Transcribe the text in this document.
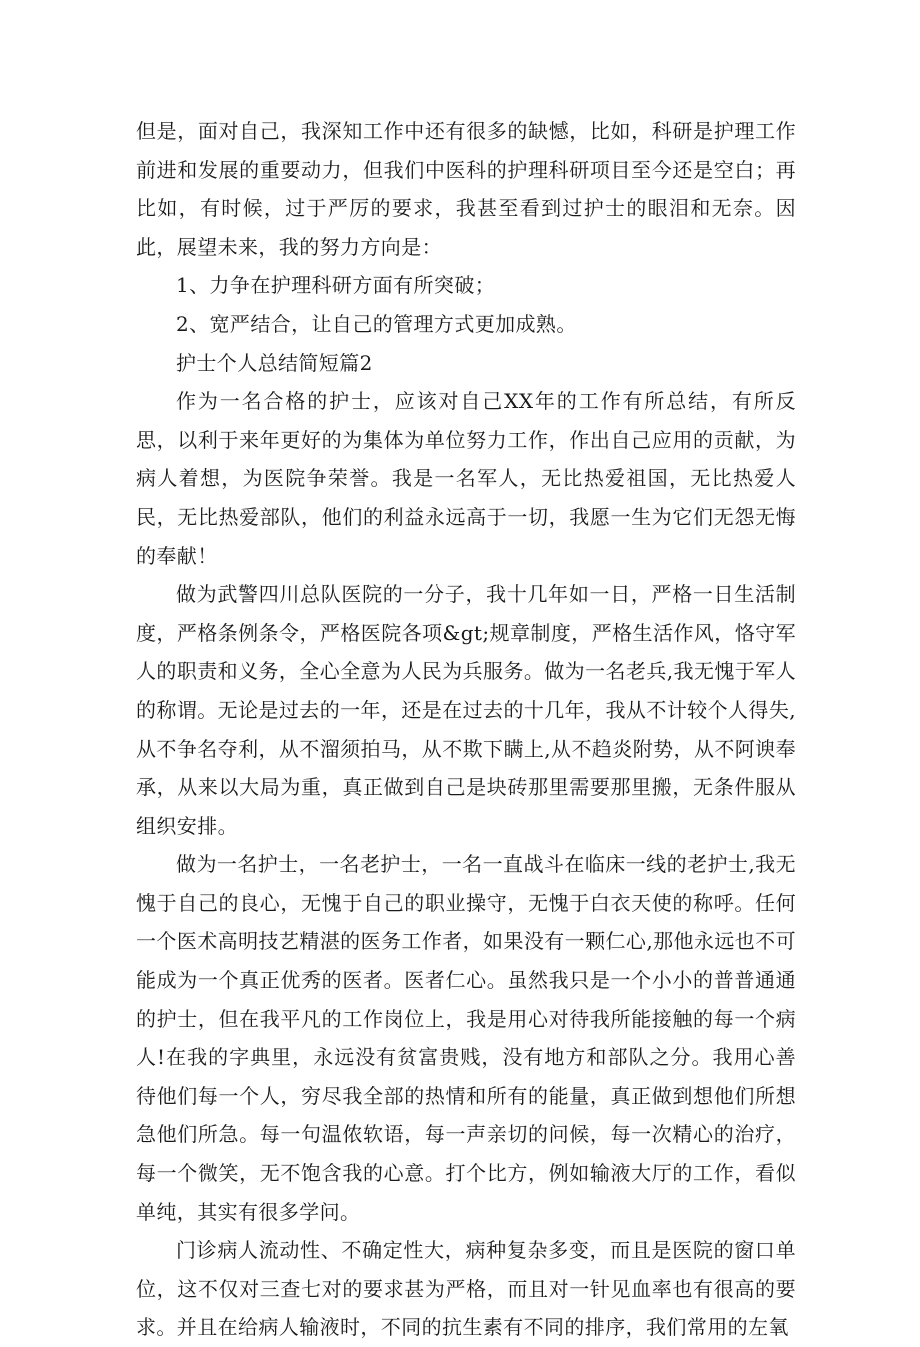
但是，面对自己，我深知工作中还有很多的缺憾，比如，科研是护理工作前进和发展的重要动力，但我们中医科的护理科研项目至今还是空白；再比如，有时候，过于严厉的要求，我甚至看到过护士的眼泪和无奈。因此，展望未来，我的努力方向是：

1、力争在护理科研方面有所突破；

2、宽严结合，让自己的管理方式更加成熟。

护士个人总结简短篇2

作为一名合格的护士，应该对自己XX年的工作有所总结，有所反思，以利于来年更好的为集体为单位努力工作，作出自己应用的贡献，为病人着想，为医院争荣誉。我是一名军人，无比热爱祖国，无比热爱人民，无比热爱部队，他们的利益永远高于一切，我愿一生为它们无怨无悔的奉献！

做为武警四川总队医院的一分子，我十几年如一日，严格一日生活制度，严格条例条令，严格医院各项&gt;规章制度，严格生活作风，恪守军人的职责和义务，全心全意为人民为兵服务。做为一名老兵,我无愧于军人的称谓。无论是过去的一年，还是在过去的十几年，我从不计较个人得失,从不争名夺利，从不溜须拍马，从不欺下瞒上,从不趋炎附势，从不阿谀奉承，从来以大局为重，真正做到自己是块砖那里需要那里搬，无条件服从组织安排。

做为一名护士，一名老护士，一名一直战斗在临床一线的老护士,我无愧于自己的良心，无愧于自己的职业操守，无愧于白衣天使的称呼。任何一个医术高明技艺精湛的医务工作者，如果没有一颗仁心,那他永远也不可能成为一个真正优秀的医者。医者仁心。虽然我只是一个小小的普普通通的护士，但在我平凡的工作岗位上，我是用心对待我所能接触的每一个病人!在我的字典里，永远没有贫富贵贱，没有地方和部队之分。我用心善待他们每一个人，穷尽我全部的热情和所有的能量，真正做到想他们所想急他们所急。每一句温侬软语，每一声亲切的问候，每一次精心的治疗，每一个微笑，无不饱含我的心意。打个比方，例如输液大厅的工作，看似单纯，其实有很多学问。

门诊病人流动性、不确定性大，病种复杂多变，而且是医院的窗口单位，这不仅对三查七对的要求甚为严格，而且对一针见血率也有很高的要求。并且在给病人输液时，不同的抗生素有不同的排序，我们常用的左氧
